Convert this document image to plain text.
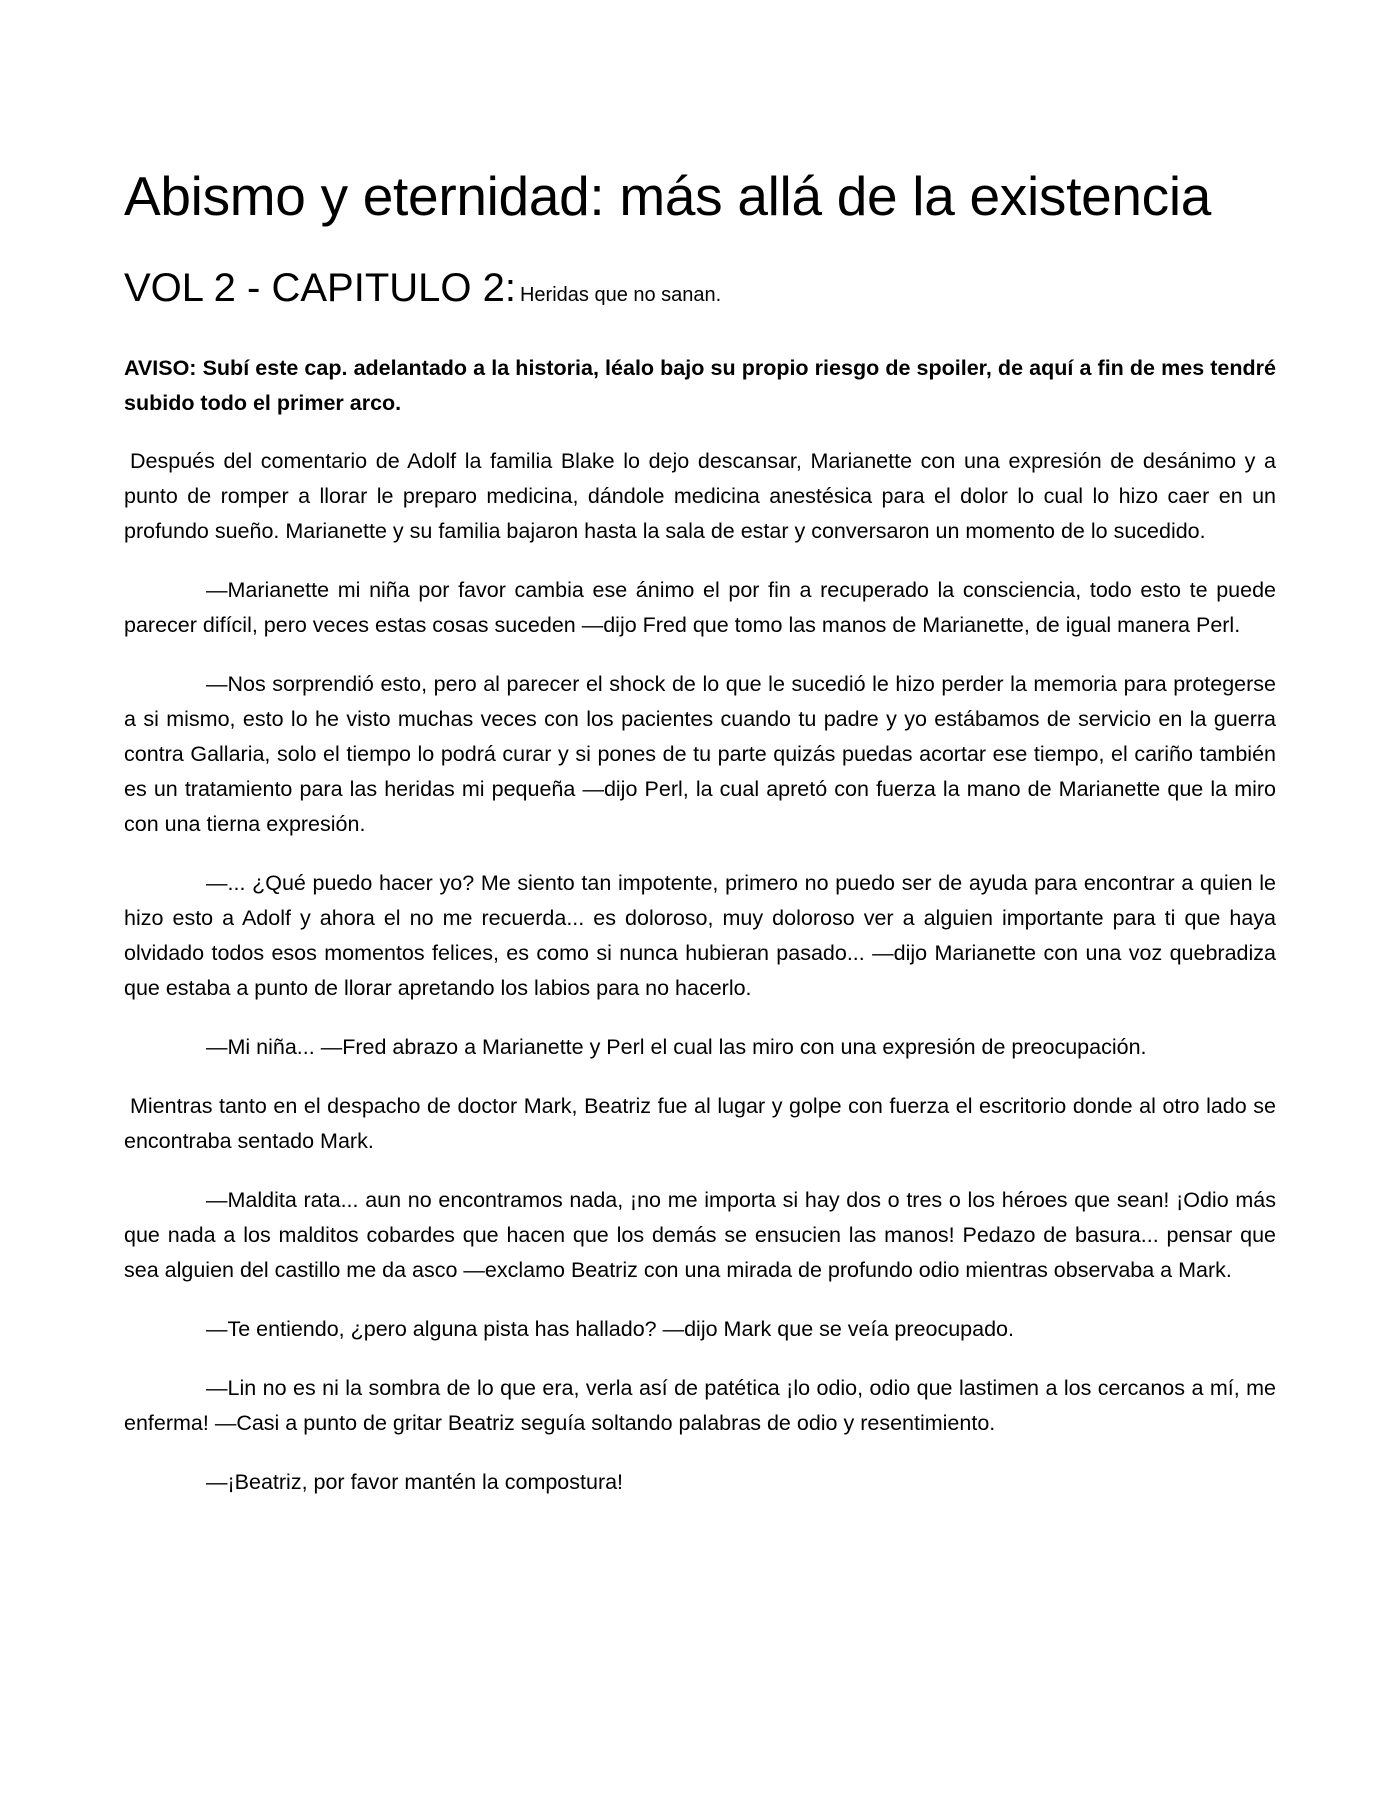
Abismo y eternidad: más allá de la existencia
VOL 2 - CAPITULO 2: Heridas que no sanan.

AVISO: Subí este cap. adelantado a la historia, léalo bajo su propio riesgo de spoiler, de aquí a fin de mes tendré subido todo el primer arco.

Después del comentario de Adolf la familia Blake lo dejo descansar, Marianette con una expresión de desánimo y a punto de romper a llorar le preparo medicina, dándole medicina anestésica para el dolor lo cual lo hizo caer en un profundo sueño. Marianette y su familia bajaron hasta la sala de estar y conversaron un momento de lo sucedido.

—Marianette mi niña por favor cambia ese ánimo el por fin a recuperado la consciencia, todo esto te puede parecer difícil, pero veces estas cosas suceden —dijo Fred que tomo las manos de Marianette, de igual manera Perl.

—Nos sorprendió esto, pero al parecer el shock de lo que le sucedió le hizo perder la memoria para protegerse a si mismo, esto lo he visto muchas veces con los pacientes cuando tu padre y yo estábamos de servicio en la guerra contra Gallaria, solo el tiempo lo podrá curar y si pones de tu parte quizás puedas acortar ese tiempo, el cariño también es un tratamiento para las heridas mi pequeña —dijo Perl, la cual apretó con fuerza la mano de Marianette que la miro con una tierna expresión.

—... ¿Qué puedo hacer yo? Me siento tan impotente, primero no puedo ser de ayuda para encontrar a quien le hizo esto a Adolf y ahora el no me recuerda... es doloroso, muy doloroso ver a alguien importante para ti que haya olvidado todos esos momentos felices, es como si nunca hubieran pasado... —dijo Marianette con una voz quebradiza que estaba a punto de llorar apretando los labios para no hacerlo.

—Mi niña... —Fred abrazo a Marianette y Perl el cual las miro con una expresión de preocupación.

Mientras tanto en el despacho de doctor Mark, Beatriz fue al lugar y golpe con fuerza el escritorio donde al otro lado se encontraba sentado Mark.

—Maldita rata... aun no encontramos nada, ¡no me importa si hay dos o tres o los héroes que sean! ¡Odio más que nada a los malditos cobardes que hacen que los demás se ensucien las manos! Pedazo de basura... pensar que sea alguien del castillo me da asco —exclamo Beatriz con una mirada de profundo odio mientras observaba a Mark.

—Te entiendo, ¿pero alguna pista has hallado? —dijo Mark que se veía preocupado.

—Lin no es ni la sombra de lo que era, verla así de patética ¡lo odio, odio que lastimen a los cercanos a mí, me enferma! —Casi a punto de gritar Beatriz seguía soltando palabras de odio y resentimiento.

—¡Beatriz, por favor mantén la compostura!
